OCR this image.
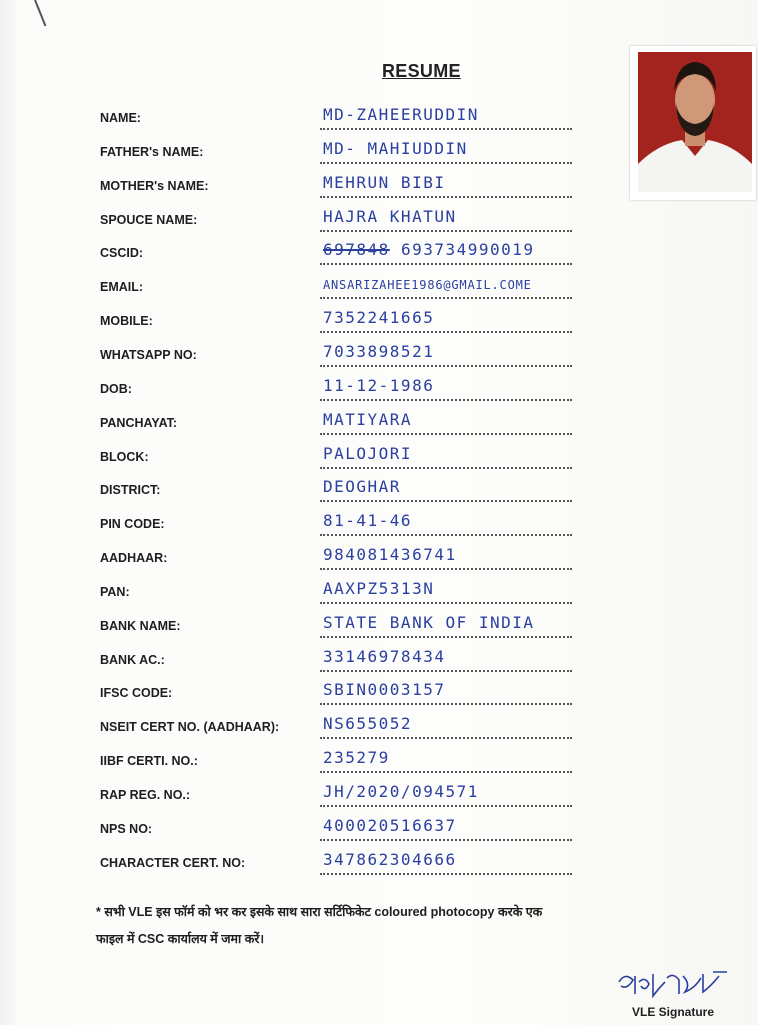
RESUME
NAME:	MD-ZAHEERUDDIN
FATHER's NAME:	MD- MAHIUDDIN
MOTHER's NAME:	MEHRUN BIBI
SPOUCE NAME:	HAJRA KHATUN
CSCID:	697848 693734990019
EMAIL:	ANSARIZAHEE1986@GMAIL.COME
MOBILE:	7352241665
WHATSAPP NO:	7033898521
DOB:	11-12-1986
PANCHAYAT:	MATIYARA
BLOCK:	PALOJORI
DISTRICT:	DEOGHAR
PIN CODE:	81-41-46
AADHAAR:	984081436741
PAN:	AAXPZ5313N
BANK NAME:	STATE BANK OF INDIA
BANK AC.:	33146978434
IFSC CODE:	SBIN0003157
NSEIT CERT NO. (AADHAAR):	NS655052
IIBF CERTI. NO.:	235279
RAP REG. NO.:	JH/2020/094571
NPS NO:	400020516637
CHARACTER CERT. NO:	347862304666
* सभी VLE इस फॉर्म को भर कर इसके साथ सारा सर्टिफिकेट coloured photocopy करके एक
फाइल में CSC कार्यालय में जमा करें।
VLE Signature
